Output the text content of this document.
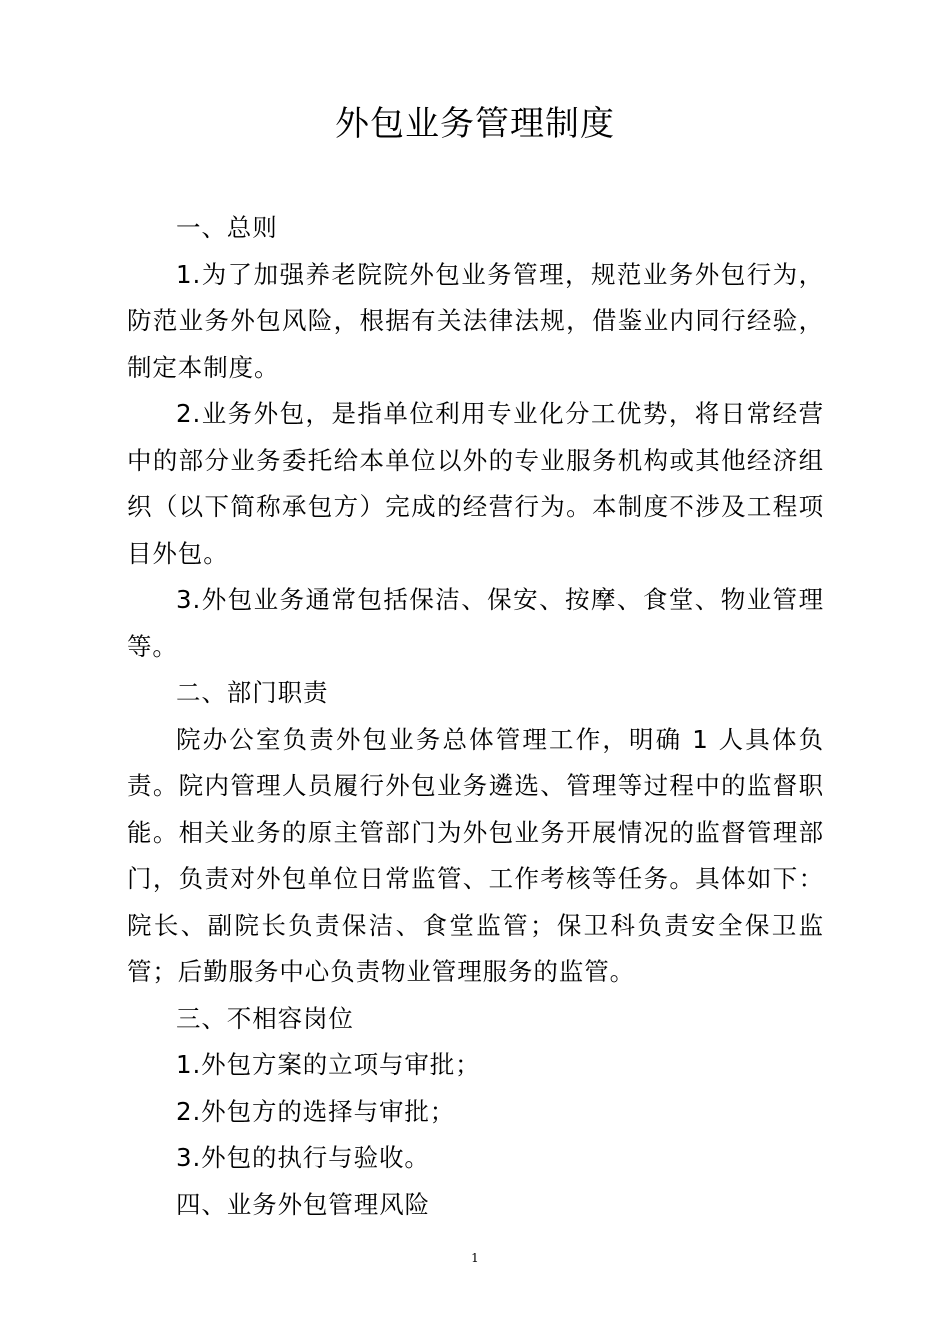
外包业务管理制度

一、总则

1.为了加强养老院院外包业务管理，规范业务外包行为，防范业务外包风险，根据有关法律法规，借鉴业内同行经验，制定本制度。

2.业务外包，是指单位利用专业化分工优势，将日常经营中的部分业务委托给本单位以外的专业服务机构或其他经济组织（以下简称承包方）完成的经营行为。本制度不涉及工程项目外包。

3.外包业务通常包括保洁、保安、按摩、食堂、物业管理等。

二、部门职责

院办公室负责外包业务总体管理工作，明确 1 人具体负责。院内管理人员履行外包业务遴选、管理等过程中的监督职能。相关业务的原主管部门为外包业务开展情况的监督管理部门，负责对外包单位日常监管、工作考核等任务。具体如下：院长、副院长负责保洁、食堂监管；保卫科负责安全保卫监管；后勤服务中心负责物业管理服务的监管。

三、不相容岗位

1.外包方案的立项与审批；

2.外包方的选择与审批；

3.外包的执行与验收。

四、业务外包管理风险

1
